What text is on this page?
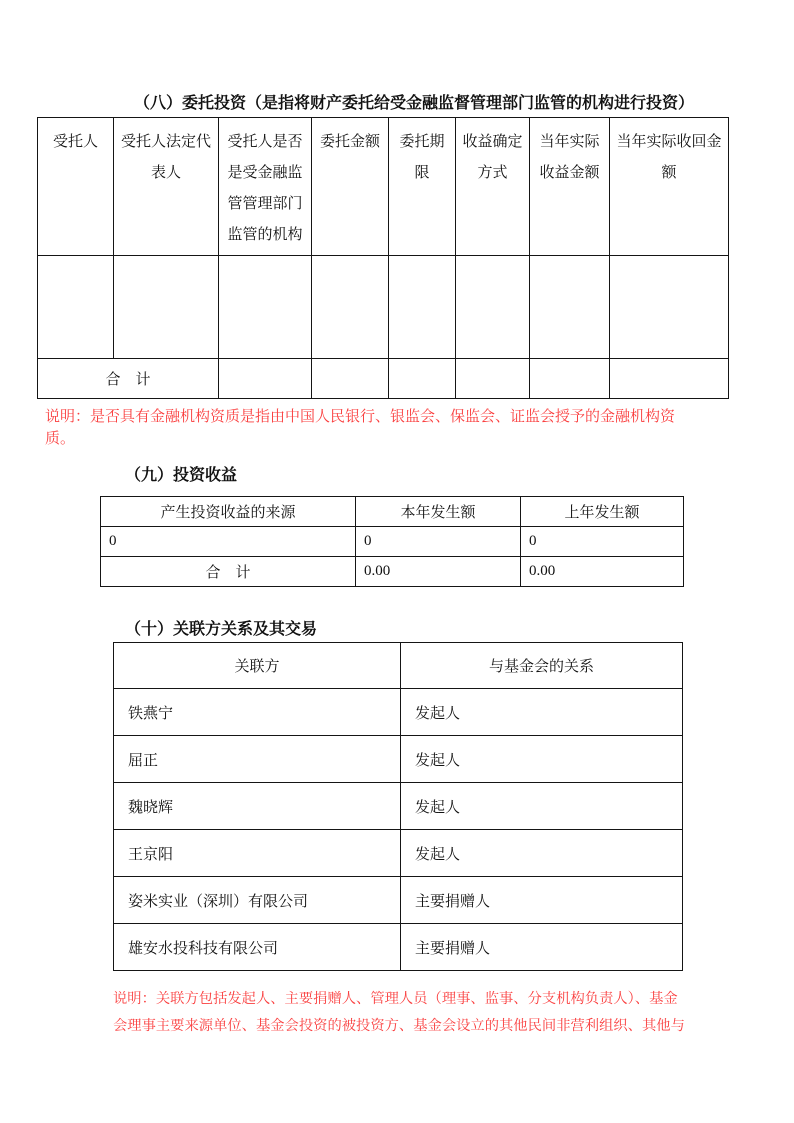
（八）委托投资（是指将财产委托给受金融监督管理部门监管的机构进行投资）
受托人	受托人法定代表人	受托人是否是受金融监管管理部门监管的机构	委托金额	委托期限	收益确定方式	当年实际收益金额	当年实际收回金额

合　计							
说明：是否具有金融机构资质是指由中国人民银行、银监会、保监会、证监会授予的金融机构资质。
（九）投资收益
产生投资收益的来源	本年发生额	上年发生额
0	0	0
合　计	0.00	0.00
（十）关联方关系及其交易
关联方	与基金会的关系
铁燕宁	发起人
屈正	发起人
魏晓辉	发起人
王京阳	发起人
姿米实业（深圳）有限公司	主要捐赠人
雄安水投科技有限公司	主要捐赠人
说明：关联方包括发起人、主要捐赠人、管理人员（理事、监事、分支机构负责人）、基金会理事主要来源单位、基金会投资的被投资方、基金会设立的其他民间非营利组织、其他与
